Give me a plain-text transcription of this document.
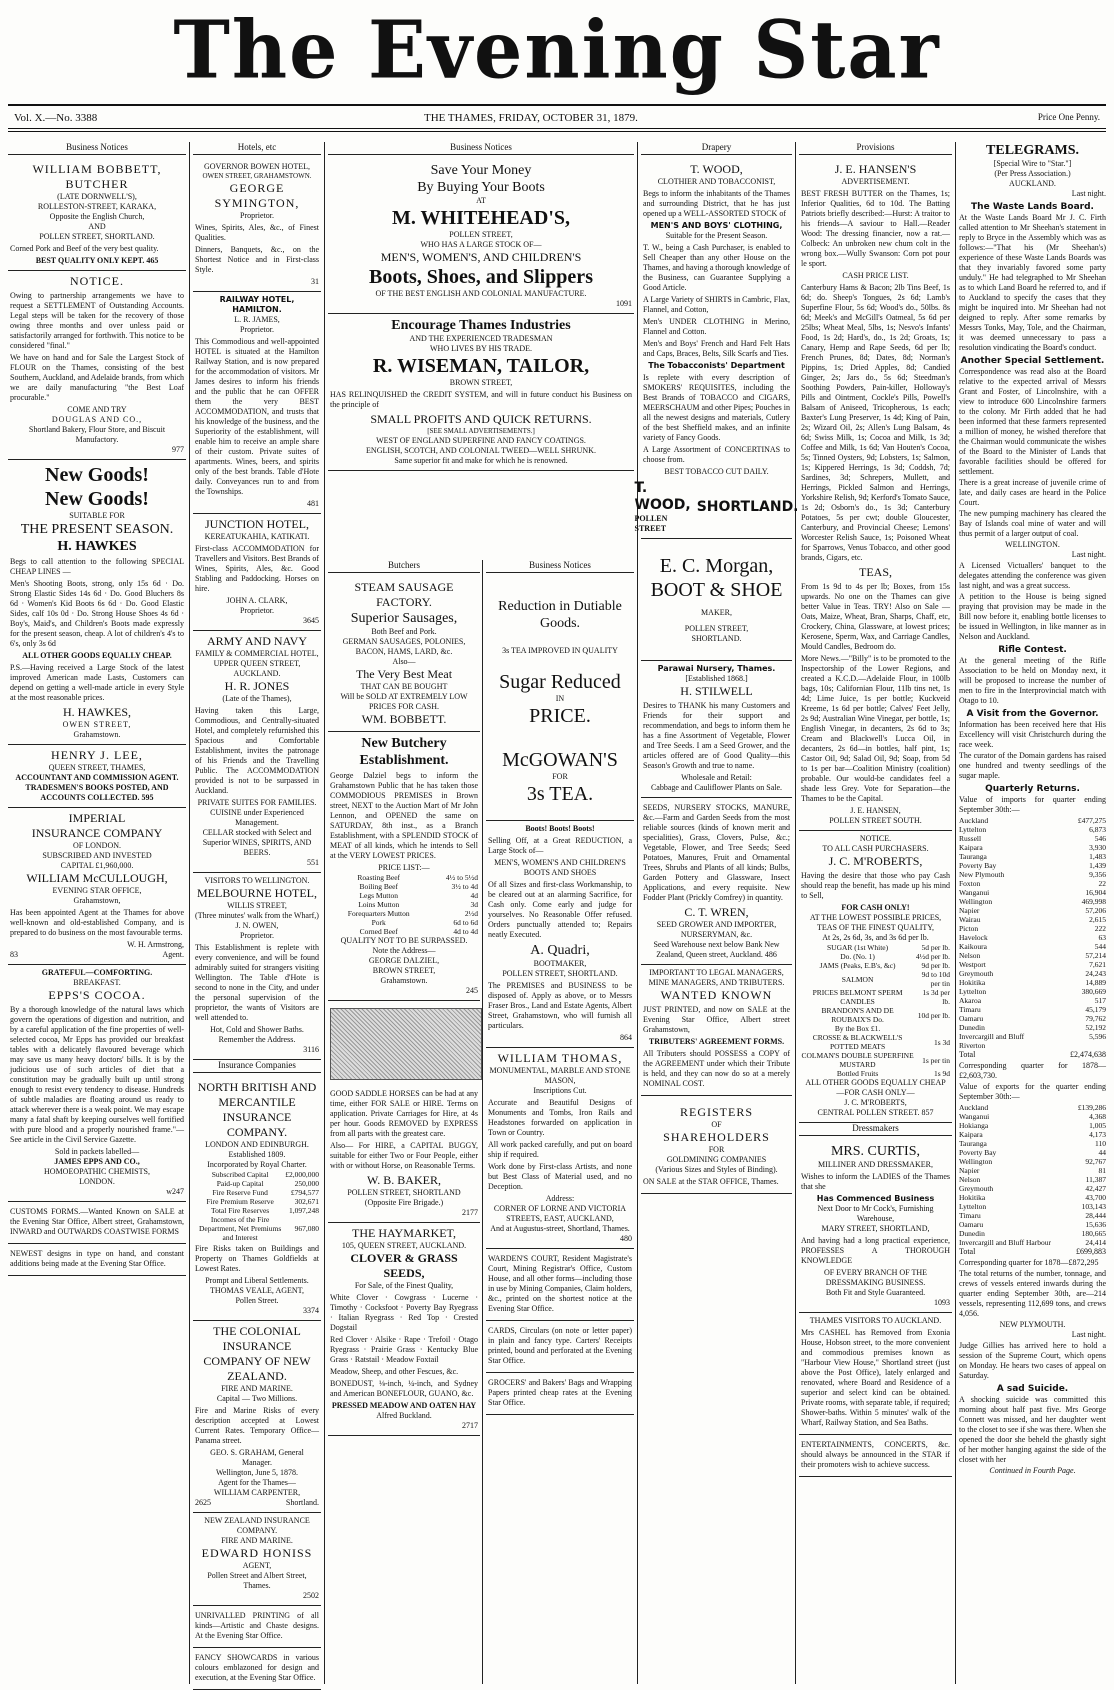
The Evening Star
Vol. X.—No. 3388	THE THAMES, FRIDAY, OCTOBER 31, 1879.	Price One Penny.
Business Notices
WILLIAM BOBBETT, BUTCHER
(LATE DORNWELL'S),
ROLLESTON-STREET, KARAKA,
Opposite the English Church,
AND
POLLEN STREET, SHORTLAND.

Corned Pork and Beef of the very best quality.

BEST QUALITY ONLY KEPT. 465
NOTICE.

Owing to partnership arrangements we have to request a SETTLEMENT of Outstanding Accounts. Legal steps will be taken for the recovery of those owing three months and over unless paid or satisfactorily arranged for forthwith. This notice to be considered "final."

We have on hand and for Sale the Largest Stock of FLOUR on the Thames, consisting of the best Southern, Auckland, and Adelaide brands, from which we are daily manufacturing "the Best Loaf procurable."

COME AND TRY
DOUGLAS AND CO.,
Shortland Bakery, Flour Store, and Biscuit Manufactory.
977
New Goods!
New Goods!
SUITABLE FOR
THE PRESENT SEASON.
H. HAWKES

Begs to call attention to the following SPECIAL CHEAP LINES —

Men's Shooting Boots, strong, only 15s 6d · Do. Strong Elastic Sides 14s 6d · Do. Good Bluchers 8s 6d · Women's Kid Boots 6s 6d · Do. Good Elastic Sides, calf 10s 0d · Do. Strong House Shoes 4s 6d · Boy's, Maid's, and Children's Boots made expressly for the present season, cheap. A lot of children's 4's to 6's, only 3s 6d

ALL OTHER GOODS EQUALLY CHEAP.

P.S.—Having received a Large Stock of the latest improved American made Lasts, Customers can depend on getting a well-made article in every Style at the most reasonable prices.

H. HAWKES,
OWEN STREET,
Grahamstown.
HENRY J. LEE,
QUEEN STREET, THAMES,
ACCOUNTANT AND COMMISSION AGENT.
TRADESMEN'S BOOKS POSTED, AND ACCOUNTS COLLECTED. 595
IMPERIAL
INSURANCE COMPANY
OF LONDON.
SUBSCRIBED AND INVESTED
CAPITAL £1,960,000.
WILLIAM McCULLOUGH,
EVENING STAR OFFICE,
Grahamstown,

Has been appointed Agent at the Thames for above well-known and old-established Company, and is prepared to do business on the most favourable terms.

W. H. Armstrong,
83	Agent.
GRATEFUL—COMFORTING.
BREAKFAST.
EPPS'S COCOA.

By a thorough knowledge of the natural laws which govern the operations of digestion and nutrition, and by a careful application of the fine properties of well-selected cocoa, Mr Epps has provided our breakfast tables with a delicately flavoured beverage which may save us many heavy doctors' bills. It is by the judicious use of such articles of diet that a constitution may be gradually built up until strong enough to resist every tendency to disease. Hundreds of subtle maladies are floating around us ready to attack wherever there is a weak point. We may escape many a fatal shaft by keeping ourselves well fortified with pure blood and a properly nourished frame."—See article in the Civil Service Gazette.

Sold in packets labelled—
JAMES EPPS AND CO.,
HOMOEOPATHIC CHEMISTS,
LONDON.
w247

CUSTOMS FORMS.—Wanted Known on SALE at the Evening Star Office, Albert street, Grahamstown, INWARD and OUTWARDS COASTWISE FORMS

NEWEST designs in type on hand, and constant additions being made at the Evening Star Office.

Hotels, etc
GOVERNOR BOWEN HOTEL,
OWEN STREET, GRAHAMSTOWN.
GEORGE SYMINGTON,
Proprietor.

Wines, Spirits, Ales, &c., of Finest Qualities.

Dinners, Banquets, &c., on the Shortest Notice and in First-class Style.

31
RAILWAY HOTEL, HAMILTON.
L. R. JAMES,
Proprietor.

This Commodious and well-appointed HOTEL is situated at the Hamilton Railway Station, and is now prepared for the accommodation of visitors. Mr James desires to inform his friends and the public that he can OFFER them the very BEST ACCOMMODATION, and trusts that his knowledge of the business, and the Superiority of the establishment, will enable him to receive an ample share of their custom. Private suites of apartments. Wines, beers, and spirits only of the best brands. Table d'Hote daily. Conveyances run to and from the Townships.

481
JUNCTION HOTEL,
KEREATUKAHIA, KATIKATI.

First-class ACCOMMODATION for Travellers and Visitors. Best Brands of Wines, Spirits, Ales, &c. Good Stabling and Paddocking. Horses on hire.

JOHN A. CLARK,
Proprietor.
3645
ARMY AND NAVY
FAMILY & COMMERCIAL HOTEL,
UPPER QUEEN STREET, AUCKLAND.
H. R. JONES
(Late of the Thames),

Having taken this Large, Commodious, and Centrally-situated Hotel, and completely refurnished this Spacious and Comfortable Establishment, invites the patronage of his Friends and the Travelling Public. The ACCOMMODATION provided is not to be surpassed in Auckland.

PRIVATE SUITES FOR FAMILIES.
CUISINE under Experienced Management.
CELLAR stocked with Select and Superior WINES, SPIRITS, AND BEERS.
551
VISITORS TO WELLINGTON.
MELBOURNE HOTEL,
WILLIS STREET,
(Three minutes' walk from the Wharf,)
J. N. OWEN,
Proprietor.

This Establishment is replete with every convenience, and will be found admirably suited for strangers visiting Wellington. The Table d'Hote is second to none in the City, and under the personal supervision of the proprietor, the wants of Visitors are well attended to.

Hot, Cold and Shower Baths.
Remember the Address.
3116
Insurance Companies
NORTH BRITISH AND MERCANTILE INSURANCE COMPANY.
LONDON AND EDINBURGH.
Established 1809.
Incorporated by Royal Charter.
Subscribed Capital	£2,000,000
Paid-up Capital	250,000
Fire Reserve Fund	£794,577
Fire Premium Reserve	302,671
Total Fire Reserves	1,097,248
Incomes of the Fire Department, Net Premiums and Interest	967,080

Fire Risks taken on Buildings and Property on Thames Goldfields at Lowest Rates.

Prompt and Liberal Settlements.
THOMAS VEALE, AGENT,
Pollen Street.
3374
THE COLONIAL INSURANCE COMPANY OF NEW ZEALAND.
FIRE AND MARINE.
Capital — Two Millions.

Fire and Marine Risks of every description accepted at Lowest Current Rates. Temporary Office—Panama street.

GEO. S. GRAHAM, General Manager.
Wellington, June 5, 1878.
Agent for the Thames—
WILLIAM CARPENTER,
2625	Shortland.
NEW ZEALAND INSURANCE COMPANY.
FIRE AND MARINE.
EDWARD HONISS
AGENT,
Pollen Street and Albert Street,
Thames.
2502

UNRIVALLED PRINTING of all kinds—Artistic and Chaste designs. At the Evening Star Office.

FANCY SHOWCARDS in various colours emblazoned for design and execution, at the Evening Star Office.

Business Notices
Save Your Money
By Buying Your Boots
AT
M. WHITEHEAD'S,
POLLEN STREET,
WHO HAS A LARGE STOCK OF—
MEN'S, WOMEN'S, AND CHILDREN'S
Boots, Shoes, and Slippers
OF THE BEST ENGLISH AND COLONIAL MANUFACTURE.
1091
Encourage Thames Industries
AND THE EXPERIENCED TRADESMAN
WHO LIVES BY HIS TRADE.
R. WISEMAN, TAILOR,
BROWN STREET,

HAS RELINQUISHED the CREDIT SYSTEM, and will in future conduct his Business on the principle of

SMALL PROFITS AND QUICK RETURNS.
[SEE SMALL ADVERTISEMENTS.]
WEST OF ENGLAND SUPERFINE AND FANCY COATINGS.
ENGLISH, SCOTCH, AND COLONIAL TWEED—WELL SHRUNK.
Same superior fit and make for which he is renowned.
Butchers
STEAM SAUSAGE FACTORY.
Superior Sausages,
Both Beef and Pork.
GERMAN SAUSAGES, POLONIES,
BACON, HAMS, LARD, &c.
Also—
The Very Best Meat
THAT CAN BE BOUGHT
Will be SOLD AT EXTREMELY LOW
PRICES FOR CASH.
WM. BOBBETT.
New Butchery Establishment.

George Dalziel begs to inform the Grahamstown Public that he has taken those COMMODIOUS PREMISES in Brown street, NEXT to the Auction Mart of Mr John Lennon, and OPENED the same on SATURDAY, 8th inst., as a Branch Establishment, with a SPLENDID STOCK of MEAT of all kinds, which he intends to Sell at the VERY LOWEST PRICES.

PRICE LIST:—
Roasting Beef	4½ to 5½d
Boiling Beef	3½ to 4d
Legs Mutton	4d
Loins Mutton	3d
Forequarters Mutton	2½d
Pork	6d to 6d
Corned Beef	4d to 4d
QUALITY NOT TO BE SURPASSED.
Note the Address—
GEORGE DALZIEL,
BROWN STREET,
Grahamstown.
245

GOOD SADDLE HORSES can be had at any time, either FOR SALE or HIRE. Terms on application. Private Carriages for Hire, at 4s per hour. Goods REMOVED by EXPRESS from all parts with the greatest care.

Also— For HIRE, a CAPITAL BUGGY, suitable for either Two or Four People, either with or without Horse, on Reasonable Terms.

W. B. BAKER,
POLLEN STREET, SHORTLAND
(Opposite Fire Brigade.)
2177
THE HAYMARKET,
105, QUEEN STREET, AUCKLAND.
CLOVER & GRASS SEEDS,
For Sale, of the Finest Quality,

White Clover · Cowgrass · Lucerne · Timothy · Cocksfoot · Poverty Bay Ryegrass · Italian Ryegrass · Red Top · Crested Dogstail

Red Clover · Alsike · Rape · Trefoil · Otago Ryegrass · Prairie Grass · Kentucky Blue Grass · Ratstail · Meadow Foxtail

Meadow, Sheep, and other Fescues, &c.

BONEDUST, ⅛-inch, ¼-inch, and Sydney and American BONEFLOUR, GUANO, &c.

PRESSED MEADOW AND OATEN HAY
Alfred Buckland.
2717
Business Notices
Reduction in Dutiable
Goods.
3s TEA IMPROVED IN QUALITY
Sugar Reduced
IN
PRICE.
McGOWAN'S
FOR
3s TEA.
Boots! Boots! Boots!

Selling Off, at a Great REDUCTION, a Large Stock of—

MEN'S, WOMEN'S AND CHILDREN'S BOOTS AND SHOES

Of all Sizes and first-class Workmanship, to be cleared out at an alarming Sacrifice, for Cash only. Come early and judge for yourselves. No Reasonable Offer refused. Orders punctually attended to; Repairs neatly Executed.

A. Quadri,
BOOTMAKER,
POLLEN STREET, SHORTLAND.

The PREMISES and BUSINESS to be disposed of. Apply as above, or to Messrs Fraser Bros., Land and Estate Agents, Albert Street, Grahamstown, who will furnish all particulars.

864
WILLIAM THOMAS,
MONUMENTAL, MARBLE AND STONE MASON,
Inscriptions Cut.

Accurate and Beautiful Designs of Monuments and Tombs, Iron Rails and Headstones forwarded on application in Town or Country.

All work packed carefully, and put on board ship if required.

Work done by First-class Artists, and none but Best Class of Material used, and no Deception.

Address:
CORNER OF LORNE AND VICTORIA STREETS, EAST, AUCKLAND,
And at Augustus-street, Shortland, Thames.
480

WARDEN'S COURT, Resident Magistrate's Court, Mining Registrar's Office, Custom House, and all other forms—including those in use by Mining Companies, Claim holders, &c., printed on the shortest notice at the Evening Star Office.

CARDS, Circulars (on note or letter paper) in plain and fancy type. Carters' Receipts printed, bound and perforated at the Evening Star Office.

GROCERS' and Bakers' Bags and Wrapping Papers printed cheap rates at the Evening Star Office.

Drapery
T. WOOD,
CLOTHIER AND TOBACCONIST,

Begs to inform the inhabitants of the Thames and surrounding District, that he has just opened up a WELL-ASSORTED STOCK of

MEN'S AND BOYS' CLOTHING,
Suitable for the Present Season.

T. W., being a Cash Purchaser, is enabled to Sell Cheaper than any other House on the Thames, and having a thorough knowledge of the Business, can Guarantee Supplying a Good Article.

A Large Variety of SHIRTS in Cambric, Flax, Flannel, and Cotton,

Men's UNDER CLOTHING in Merino, Flannel and Cotton.

Men's and Boys' French and Hard Felt Hats and Caps, Braces, Belts, Silk Scarfs and Ties.

The Tobacconists' Department

Is replete with every description of SMOKERS' REQUISITES, including the Best Brands of TOBACCO and CIGARS, MEERSCHAUM and other Pipes; Pouches in all the newest designs and materials, Cutlery of the best Sheffield makes, and an infinite variety of Fancy Goods.

A Large Assortment of CONCERTINAS to choose from.

BEST TOBACCO CUT DAILY.
T. WOOD,
POLLEN STREET
SHORTLAND.
E. C. Morgan,
BOOT & SHOE
MAKER,
POLLEN STREET,
SHORTLAND.
Parawai Nursery, Thames.
[Established 1868.]
H. STILWELL

Desires to THANK his many Customers and Friends for their support and recommendation, and begs to inform them he has a fine Assortment of Vegetable, Flower and Tree Seeds. I am a Seed Grower, and the articles offered are of Good Quality—this Season's Growth and true to name.

Wholesale and Retail:
Cabbage and Cauliflower Plants on Sale.

SEEDS, NURSERY STOCKS, MANURE, &c.—Farm and Garden Seeds from the most reliable sources (kinds of known merit and specialities), Grass, Clovers, Pulse, &c.; Vegetable, Flower, and Tree Seeds; Seed Potatoes, Manures, Fruit and Ornamental Trees, Shrubs and Plants of all kinds; Bulbs, Garden Pottery and Glassware, Insect Applications, and every requisite. New Fodder Plant (Prickly Comfrey) in quantity.

C. T. WREN,
SEED GROWER AND IMPORTER, NURSERYMAN, &c.
Seed Warehouse next below Bank New Zealand, Queen street, Auckland. 486
IMPORTANT TO LEGAL MANAGERS, MINE MANAGERS, AND TRIBUTERS.
WANTED KNOWN

JUST PRINTED, and now on SALE at the Evening Star Office, Albert street Grahamstown,

TRIBUTERS' AGREEMENT FORMS.

All Tributers should POSSESS a COPY of the AGREEMENT under which their Tribute is held, and they can now do so at a merely NOMINAL COST.

REGISTERS
OF
SHAREHOLDERS
FOR
GOLDMINING COMPANIES
(Various Sizes and Styles of Binding).

ON SALE at the STAR OFFICE, Thames.

Provisions
J. E. HANSEN'S
ADVERTISEMENT.

BEST FRESH BUTTER on the Thames, 1s; Inferior Qualities, 6d to 10d. The Batting Patriots briefly described:—Hurst: A traitor to his friends—A saviour to Hall.—Reader Wood: The dressing financier, now a rat.—Colbeck: An unbroken new chum colt in the wrong box.—Wully Swanson: Corn pot pour le sport.

CASH PRICE LIST.

Canterbury Hams & Bacon; 2lb Tins Beef, 1s 6d; do. Sheep's Tongues, 2s 6d; Lamb's Superfine Flour, 5s 6d; Wood's do., 50lbs. 8s 6d; Meek's and McGill's Oatmeal, 5s 6d per 25lbs; Wheat Meal, 5lbs, 1s; Nesvo's Infants' Food, 1s 2d; Hard's, do., 1s 2d; Groats, 1s; Canary, Hemp and Rape Seeds, 6d per lb; French Prunes, 8d; Dates, 8d; Norman's Pippins, 1s; Dried Apples, 8d; Candied Ginger, 2s; Jars do., 5s 6d; Steedman's Soothing Powders, Pain-killer, Holloway's Pills and Ointment, Cockle's Pills, Powell's Balsam of Aniseed, Tricopherous, 1s each; Baxter's Lung Preserver, 1s 4d; King of Pain, 2s; Wizard Oil, 2s; Allen's Lung Balsam, 4s 6d; Swiss Milk, 1s; Cocoa and Milk, 1s 3d; Coffee and Milk, 1s 6d; Van Houten's Cocoa, 5s; Tinned Oysters, 9d; Lobsters, 1s; Salmon, 1s; Kippered Herrings, 1s 3d; Coddsh, 7d; Sardines, 3d; Schrepers, Mullett, and Herrings, Pickled Salmon and Herrings, Yorkshire Relish, 9d; Kerford's Tomato Sauce, 1s 2d; Osborn's do., 1s 3d; Canterbury Potatoes, 5s per cwt; double Gloucester, Canterbury, and Provincial Cheese; Lemons' Worcester Relish Sauce, 1s; Poisoned Wheat for Sparrows, Venus Tobacco, and other good brands, Cigars, etc.

TEAS,

From 1s 9d to 4s per lb; Boxes, from 15s upwards. No one on the Thames can give better Value in Teas. TRY! Also on Sale —Oats, Maize, Wheat, Bran, Sharps, Chaff, etc, Crockery, China, Glassware, at lowest prices; Kerosene, Sperm, Wax, and Carriage Candles, Mould Candles, Bedroom do.

More News.—"Billy" is to be promoted to the Inspectorship of the Lower Regions, and created a K.C.D.—Adelaide Flour, in 100lb bags, 10s; Californian Flour, 11lb tins net, 1s 4d; Lime Juice, 1s per bottle; Kuckveid Kreeme, 1s 6d per bottle; Calves' Feet Jelly, 2s 9d; Australian Wine Vinegar, per bottle, 1s; English Vinegar, in decanters, 2s 6d to 3s; Cream and Blackwell's Lucca Oil, in decanters, 2s 6d—in bottles, half pint, 1s; Castor Oil, 9d; Salad Oil, 9d; Soap, from 5d to 1s per bar—Coalition Ministry (coalition) probable. Our would-be candidates feel a shade less Grey. Vote for Separation—the Thames to be the Capital.

J. E. HANSEN,
POLLEN STREET SOUTH.
NOTICE.
TO ALL CASH PURCHASERS.
J. C. M'ROBERTS,

Having the desire that those who pay Cash should reap the benefit, has made up his mind to Sell,

FOR CASH ONLY!
AT THE LOWEST POSSIBLE PRICES,
TEAS OF THE FINEST QUALITY,
At 2s, 2s 6d, 3s, and 3s 6d per lb.
SUGAR (1st White)	5d per lb.
Do. (No. 1)	4½d per lb.
JAMS (Peaks, E.B's, &c)	9d per lb.
SALMON	9d to 10d per tin
PRICES BELMONT SPERM CANDLES	1s 3d per lb.
BRANDON'S AND DE ROUBAIX'S Do.	10d per lb.
By the Box £1.	
CROSSE & BLACKWELL'S POTTED MEATS	1s 3d
COLMAN'S DOUBLE SUPERFINE MUSTARD	1s per tin
Bottled Fruits	1s 9d
ALL OTHER GOODS EQUALLY CHEAP —FOR CASH ONLY—
J. C. M'ROBERTS,
CENTRAL POLLEN STREET. 857
Dressmakers
MRS. CURTIS,
MILLINER AND DRESSMAKER,

Wishes to inform the LADIES of the Thames that she

Has Commenced Business
Next Door to Mr Cock's, Furnishing Warehouse,
MARY STREET, SHORTLAND,

And having had a long practical experience, PROFESSES A THOROUGH KNOWLEDGE

OF EVERY BRANCH OF THE
DRESSMAKING BUSINESS.
Both Fit and Style Guaranteed.
1093
THAMES VISITORS TO AUCKLAND.

Mrs CASHEL has Removed from Exonia House, Hobson street, to the more convenient and commodious premises known as "Harbour View House," Shortland street (just above the Post Office), lately enlarged and renovated, where Board and Residence of a superior and select kind can be obtained. Private rooms, with separate table, if required; Shower-baths. Within 5 minutes' walk of the Wharf, Railway Station, and Sea Baths.

ENTERTAINMENTS, CONCERTS, &c. should always be announced in the STAR if their promoters wish to achieve success.

TELEGRAMS.
[Special Wire to "Star."]
(Per Press Association.)
AUCKLAND.
Last night.
The Waste Lands Board.

At the Waste Lands Board Mr J. C. Firth called attention to Mr Sheehan's statement in reply to Bryce in the Assembly which was as follows:—"That his (Mr Sheehan's) experience of these Waste Lands Boards was that they invariably favored some party unduly." He had telegraphed to Mr Sheehan as to which Land Board he referred to, and if to Auckland to specify the cases that they might be inquired into. Mr Sheehan had not deigned to reply. After some remarks by Messrs Tonks, May, Tole, and the Chairman, it was deemed unnecessary to pass a resolution vindicating the Board's conduct.

Another Special Settlement.

Correspondence was read also at the Board relative to the expected arrival of Messrs Grant and Foster, of Lincolnshire, with a view to introduce 600 Lincolnshire farmers to the colony. Mr Firth added that he had been informed that these farmers represented a million of money, he wished therefore that the Chairman would communicate the wishes of the Board to the Minister of Lands that favorable facilities should be offered for settlement.

There is a great increase of juvenile crime of late, and daily cases are heard in the Police Court.

The new pumping machinery has cleared the Bay of Islands coal mine of water and will thus permit of a larger output of coal.

WELLINGTON.
Last night.

A Licensed Victuallers' banquet to the delegates attending the conference was given last night, and was a great success.

A petition to the House is being signed praying that provision may be made in the Bill now before it, enabling bottle licenses to be issued in Wellington, in like manner as in Nelson and Auckland.

Rifle Contest.

At the general meeting of the Rifle Association to be held on Monday next, it will be proposed to increase the number of men to fire in the Interprovincial match with Otago to 10.

A Visit from the Governor.

Information has been received here that His Excellency will visit Christchurch during the race week.

The curator of the Domain gardens has raised one hundred and twenty seedlings of the sugar maple.

Quarterly Returns.

Value of imports for quarter ending September 30th:—

Auckland	£477,275
Lyttelton	6,873
Russell	546
Kaipara	3,930
Tauranga	1,483
Poverty Bay	1,439
New Plymouth	9,356
Foxton	22
Wanganui	16,904
Wellington	469,998
Napier	57,206
Wairau	2,615
Picton	222
Havelock	63
Kaikoura	544
Nelson	57,214
Westport	7,621
Greymouth	24,243
Hokitika	14,889
Lyttelton	380,669
Akaroa	517
Timaru	45,179
Oamaru	79,762
Dunedin	52,192
Invercargill and Bluff	5,596
Riverton	
Total	£2,474,638

Corresponding quarter for 1878—£2,603,730.

Value of exports for the quarter ending September 30th:—

Auckland	£139,286
Wanganui	4,368
Hokianga	1,005
Kaipara	4,173
Tauranga	110
Poverty Bay	44
Wellington	92,767
Napier	81
Nelson	11,387
Greymouth	42,427
Hokitika	43,700
Lyttelton	103,143
Timaru	28,444
Oamaru	15,636
Dunedin	180,665
Invercargill and Bluff Harbour	24,414
Total	£699,883

Corresponding quarter for 1878—£872,295

The total returns of the number, tonnage, and crews of vessels entered inwards during the quarter ending September 30th, are—214 vessels, representing 112,699 tons, and crews 4,056.

NEW PLYMOUTH.
Last night.

Judge Gillies has arrived here to hold a session of the Supreme Court, which opens on Monday. He hears two cases of appeal on Saturday.

A sad Suicide.

A shocking suicide was committed this morning about half past five. Mrs George Connett was missed, and her daughter went to the closet to see if she was there. When she opened the door she beheld the ghastly sight of her mother hanging against the side of the closet with her

Continued in Fourth Page.
